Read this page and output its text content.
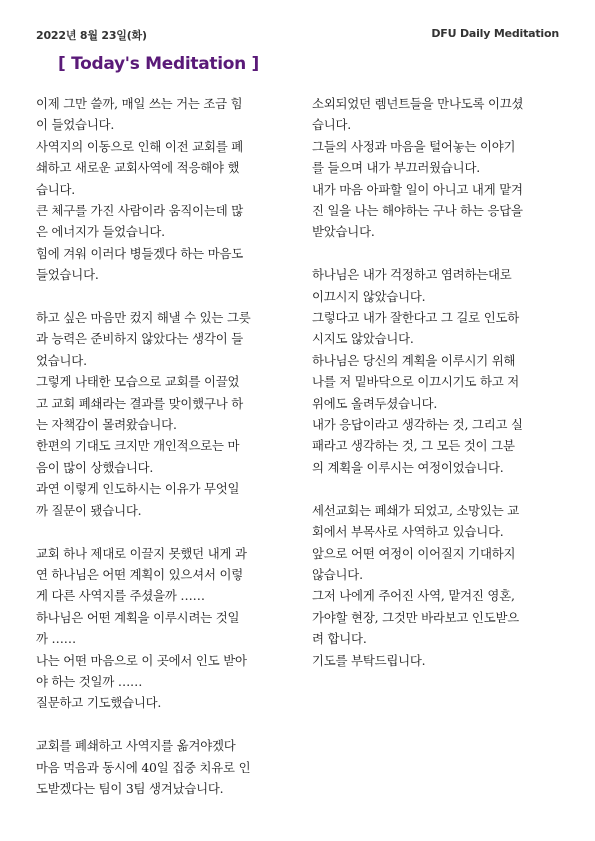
2022년 8월 23일(화)	DFU Daily Meditation
[ Today's Meditation ]
이제 그만 쓸까, 매일 쓰는 거는 조금 힘
이 들었습니다.
사역지의 이동으로 인해 이전 교회를 폐
쇄하고 새로운 교회사역에 적응해야 했
습니다.
큰 체구를 가진 사람이라 움직이는데 많
은 에너지가 들었습니다.
힘에 겨워 이러다 병들겠다 하는 마음도
들었습니다.
하고 싶은 마음만 컸지 해낼 수 있는 그릇
과 능력은 준비하지 않았다는 생각이 들
었습니다.
그렇게 나태한 모습으로 교회를 이끌었
고 교회 폐쇄라는 결과를 맞이했구나 하
는 자책감이 몰려왔습니다.
한편의 기대도 크지만 개인적으로는 마
음이 많이 상했습니다.
과연 이렇게 인도하시는 이유가 무엇일
까 질문이 됐습니다.
교회 하나 제대로 이끌지 못했던 내게 과
연 하나님은 어떤 계획이 있으셔서 이렇
게 다른 사역지를 주셨을까 ……
하나님은 어떤 계획을 이루시려는 것일
까 ……
나는 어떤 마음으로 이 곳에서 인도 받아
야 하는 것일까 ……
질문하고 기도했습니다.
교회를 폐쇄하고 사역지를 옮겨야겠다
마음 먹음과 동시에 40일 집중 치유로 인
도받겠다는 팀이 3팀 생겨났습니다.
소외되었던 렘넌트들을 만나도록 이끄셨
습니다.
그들의 사정과 마음을 털어놓는 이야기
를 들으며 내가 부끄러웠습니다.
내가 마음 아파할 일이 아니고 내게 맡겨
진 일을 나는 해야하는 구나 하는 응답을
받았습니다.
하나님은 내가 걱정하고 염려하는대로
이끄시지 않았습니다.
그렇다고 내가 잘한다고 그 길로 인도하
시지도 않았습니다.
하나님은 당신의 계획을 이루시기 위해
나를 저 밑바닥으로 이끄시기도 하고 저
위에도 올려두셨습니다.
내가 응답이라고 생각하는 것, 그리고 실
패라고 생각하는 것, 그 모든 것이 그분
의 계획을 이루시는 여정이었습니다.
세선교회는 폐쇄가 되었고, 소망있는 교
회에서 부목사로 사역하고 있습니다.
앞으로 어떤 여정이 이어질지 기대하지
않습니다.
그저 나에게 주어진 사역, 맡겨진 영혼,
가야할 현장, 그것만 바라보고 인도받으
려 합니다.
기도를 부탁드립니다.
